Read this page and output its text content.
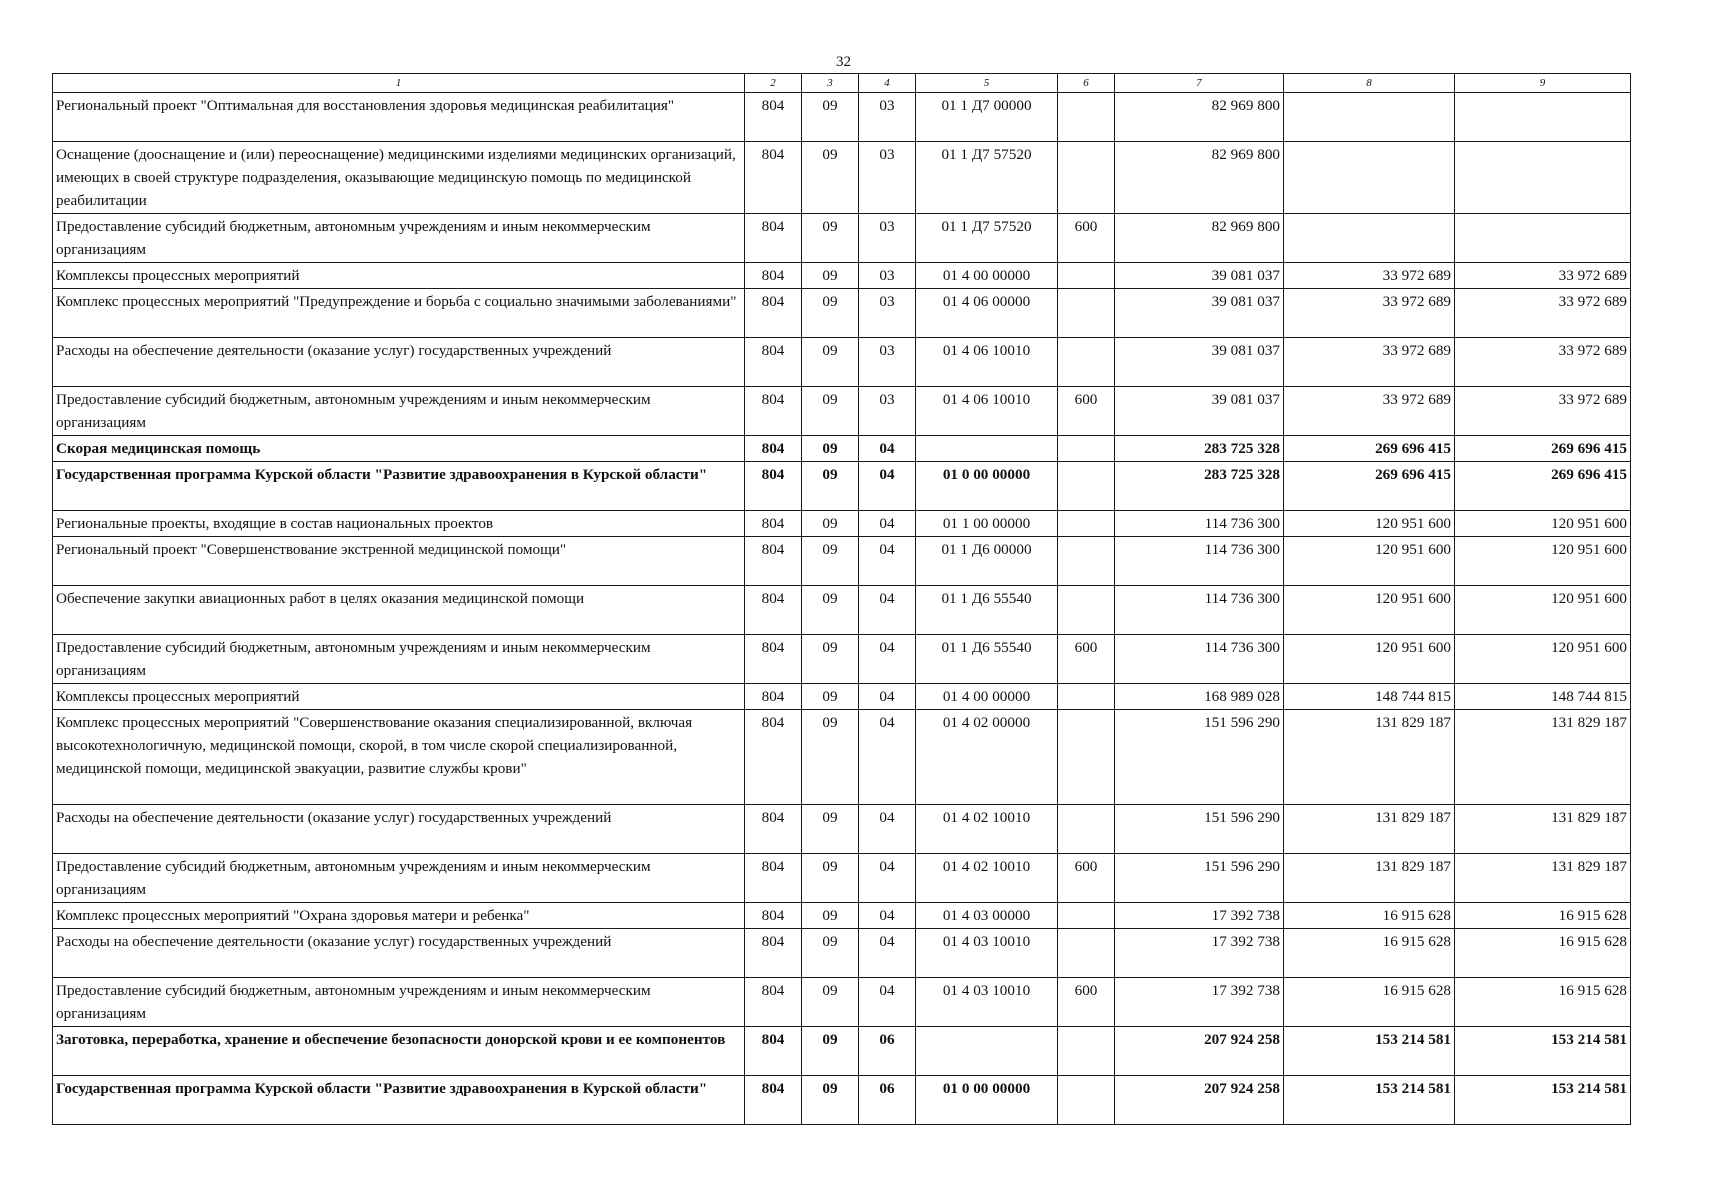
32
1	2	3	4	5	6	7	8	9
Региональный проект "Оптимальная для восстановления здоровья медицинская реабилитация"	804	09	03	01 1 Д7 00000		82 969 800		
Оснащение (дооснащение и (или) переоснащение) медицинскими изделиями медицинских организаций, имеющих в своей структуре подразделения, оказывающие медицинскую помощь по медицинской реабилитации	804	09	03	01 1 Д7 57520		82 969 800		
Предоставление субсидий бюджетным, автономным учреждениям и иным некоммерческим организациям	804	09	03	01 1 Д7 57520	600	82 969 800		
Комплексы процессных мероприятий	804	09	03	01 4 00 00000		39 081 037	33 972 689	33 972 689
Комплекс процессных мероприятий "Предупреждение и борьба с социально значимыми заболеваниями"	804	09	03	01 4 06 00000		39 081 037	33 972 689	33 972 689
Расходы на обеспечение деятельности (оказание услуг) государственных учреждений	804	09	03	01 4 06 10010		39 081 037	33 972 689	33 972 689
Предоставление субсидий бюджетным, автономным учреждениям и иным некоммерческим организациям	804	09	03	01 4 06 10010	600	39 081 037	33 972 689	33 972 689
Скорая медицинская помощь	804	09	04			283 725 328	269 696 415	269 696 415
Государственная программа Курской области "Развитие здравоохранения в Курской области"	804	09	04	01 0 00 00000		283 725 328	269 696 415	269 696 415
Региональные проекты, входящие в состав национальных проектов	804	09	04	01 1 00 00000		114 736 300	120 951 600	120 951 600
Региональный проект "Совершенствование экстренной медицинской помощи"	804	09	04	01 1 Д6 00000		114 736 300	120 951 600	120 951 600
Обеспечение закупки авиационных работ в целях оказания медицинской помощи	804	09	04	01 1 Д6 55540		114 736 300	120 951 600	120 951 600
Предоставление субсидий бюджетным, автономным учреждениям и иным некоммерческим организациям	804	09	04	01 1 Д6 55540	600	114 736 300	120 951 600	120 951 600
Комплексы процессных мероприятий	804	09	04	01 4 00 00000		168 989 028	148 744 815	148 744 815
Комплекс процессных мероприятий "Совершенствование оказания специализированной, включая высокотехнологичную, медицинской помощи, скорой, в том числе скорой специализированной, медицинской помощи, медицинской эвакуации, развитие службы крови"	804	09	04	01 4 02 00000		151 596 290	131 829 187	131 829 187
Расходы на обеспечение деятельности (оказание услуг) государственных учреждений	804	09	04	01 4 02 10010		151 596 290	131 829 187	131 829 187
Предоставление субсидий бюджетным, автономным учреждениям и иным некоммерческим организациям	804	09	04	01 4 02 10010	600	151 596 290	131 829 187	131 829 187
Комплекс процессных мероприятий "Охрана здоровья матери и ребенка"	804	09	04	01 4 03 00000		17 392 738	16 915 628	16 915 628
Расходы на обеспечение деятельности (оказание услуг) государственных учреждений	804	09	04	01 4 03 10010		17 392 738	16 915 628	16 915 628
Предоставление субсидий бюджетным, автономным учреждениям и иным некоммерческим организациям	804	09	04	01 4 03 10010	600	17 392 738	16 915 628	16 915 628
Заготовка, переработка, хранение и обеспечение безопасности донорской крови и ее компонентов	804	09	06			207 924 258	153 214 581	153 214 581
Государственная программа Курской области "Развитие здравоохранения в Курской области"	804	09	06	01 0 00 00000		207 924 258	153 214 581	153 214 581
